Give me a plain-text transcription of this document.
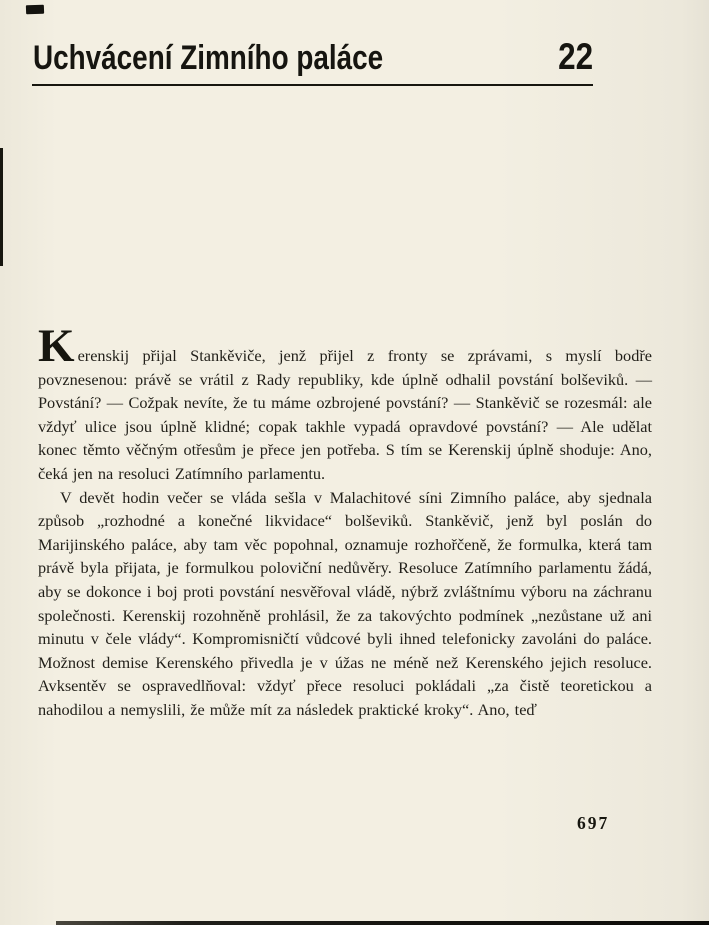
Uchvácení Zimního paláce	22

Kerenskij přijal Stankěviče, jenž přijel z fronty se zprávami, s myslí bodře povznesenou: právě se vrátil z Rady republiky, kde úplně odhalil povstání bolševiků. — Povstání? — Cožpak nevíte, že tu máme ozbrojené povstání? — Stankěvič se rozesmál: ale vždyť ulice jsou úplně klidné; copak takhle vypadá opravdové povstání? — Ale udělat konec těmto věčným otřesům je přece jen potřeba. S tím se Kerenskij úplně shoduje: Ano, čeká jen na resoluci Zatímního parlamentu.

V devět hodin večer se vláda sešla v Malachitové síni Zimního paláce, aby sjednala způsob „rozhodné a konečné likvidace“ bolševiků. Stankěvič, jenž byl poslán do Marijinského paláce, aby tam věc popohnal, oznamuje rozhořčeně, že formulka, která tam právě byla přijata, je formulkou poloviční nedůvěry. Resoluce Zatímního parlamentu žádá, aby se dokonce i boj proti povstání nesvěřoval vládě, nýbrž zvláštnímu výboru na záchranu společnosti. Kerenskij rozohněně prohlásil, že za takovýchto podmínek „nezůstane už ani minutu v čele vlády“. Kompromisničtí vůdcové byli ihned telefonicky zavoláni do paláce. Možnost demise Kerenského přivedla je v úžas ne méně než Kerenského jejich resoluce. Avksentěv se ospravedlňoval: vždyť přece resoluci pokládali „za čistě teoretickou a nahodilou a nemyslili, že může mít za následek praktické kroky“. Ano, teď

697
